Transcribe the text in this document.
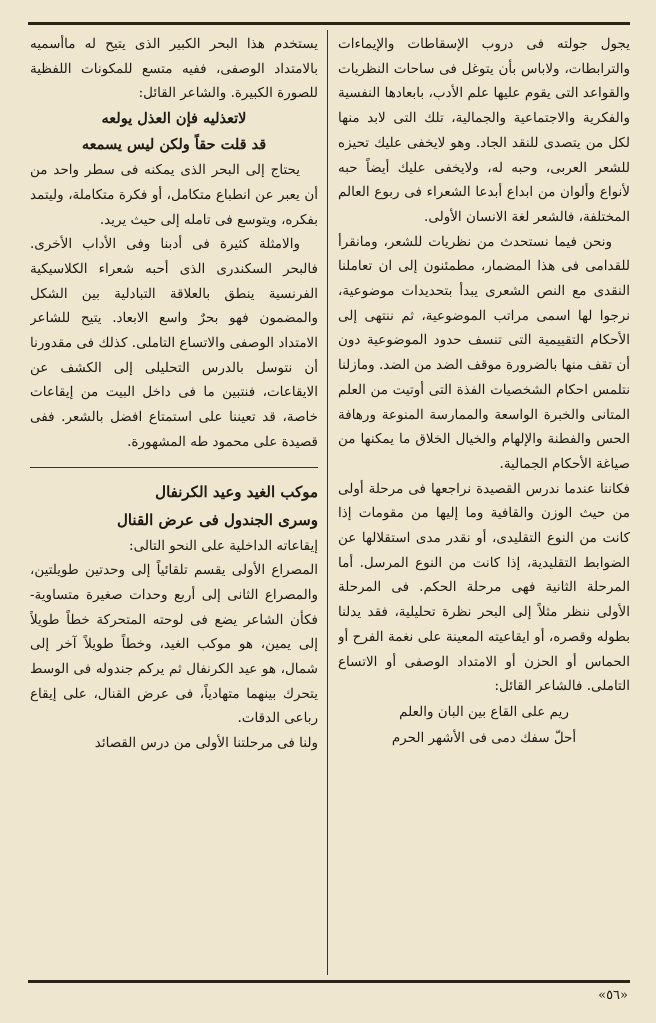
يجول جولته فى دروب الإسقاطات والإيماءات والترابطات، ولاباس بأن يتوغل فى ساحات النظريات والقواعد التى يقوم عليها علم الأدب، بابعادها النفسية والفكرية والاجتماعية والجمالية، تلك التى لابد منها لكل من يتصدى للنقد الجاد. وهو لايخفى عليك تحيزه للشعر العربى، وحبه له، ولايخفى عليك أيضاً حبه لأنواع وألوان من ابداع أبدعا الشعراء فى ربوع العالم المختلفة، فالشعر لغة الانسان الأولى.

ونحن فيما نستحدث من نظريات للشعر، ومانقرأ للقدامى فى هذا المضمار، مطمئنون إلى ان تعاملنا النقدى مع النص الشعرى يبدأ بتحديدات موضوعية، نرجوا لها اسمى مراتب الموضوعية، ثم ننتهى إلى الأحكام التقييمية التى تنسف حدود الموضوعية دون أن تقف منها بالضرورة موقف الضد من الضد. ومازلنا نتلمس احكام الشخصيات الفذة التى أوتيت من العلم المتانى والخبرة الواسعة والممارسة المنوعة ورهافة الحس والفطنة والإلهام والخيال الخلاق ما يمكنها من صياغة الأحكام الجمالية.

فكاننا عندما ندرس القصيدة نراجعها فى مرحلة أولى من حيث الوزن والقافية وما إليها من مقومات إذا كانت من النوع التقليدى، أو نقدر مدى استقلالها عن الضوابط التقليدية، إذا كانت من النوع المرسل. أما المرحلة الثانية فهى مرحلة الحكم. فى المرحلة الأولى ننظر مثلاً إلى البحر نظرة تحليلية، فقد يدلنا بطوله وقصره، أو ايقاعيته المعينة على نغمة الفرح أو الحماس أو الحزن أو الامتداد الوصفى أو الاتساع التاملى. فالشاعر القائل:

ريم على القاع بين البان والعلم

أحلّ سفك دمى فى الأشهر الحرم

يستخدم هذا البحر الكبير الذى يتيح له ماأسميه بالامتداد الوصفى، ففيه متسع للمكونات اللفظية للصورة الكبيرة. والشاعر القائل:

لاتعذليه فإن العذل يولعه

قد قلت حقاً ولكن ليس يسمعه

يحتاج إلى البحر الذى يمكنه فى سطر واحد من أن يعبر عن انطباع متكامل، أو فكرة متكاملة، وليتمد بفكره، ويتوسع فى تامله إلى حيث يريد.

والامثلة كثيرة فى أدبنا وفى الأداب الأخرى. فالبحر السكندرى الذى أحبه شعراء الكلاسيكية الفرنسية ينطق بالعلاقة التبادلية بين الشكل والمضمون فهو بحرٌ واسع الابعاد. يتيح للشاعر الامتداد الوصفى والاتساع التاملى. كذلك فى مقدورنا أن نتوسل بالدرس التحليلى إلى الكشف عن الايقاعات، فنتبين ما فى داخل البيت من إيقاعات خاصة، قد تعيننا على استمتاع افضل بالشعر. ففى قصيدة على محمود طه المشهورة.

موكب الغيد وعيد الكرنفال

وسرى الجندول فى عرض القنال

إيقاعاته الداخلية على النحو التالى:

المصراع الأولى يقسم تلقائياً إلى وحدتين طويلتين، والمصراع الثانى إلى أربع وحدات صغيرة متساوية- فكأن الشاعر يضع فى لوحته المتحركة خطاً طويلاً إلى يمين، هو موكب الغيد، وخطاً طويلاً آخر إلى شمال، هو عيد الكرنفال ثم يركم جندوله فى الوسط يتحرك بينهما متهادياً، فى عرض القنال، على إيقاع رباعى الدقات.

ولنا فى مرحلتنا الأولى من درس القصائد

«٥٦»
